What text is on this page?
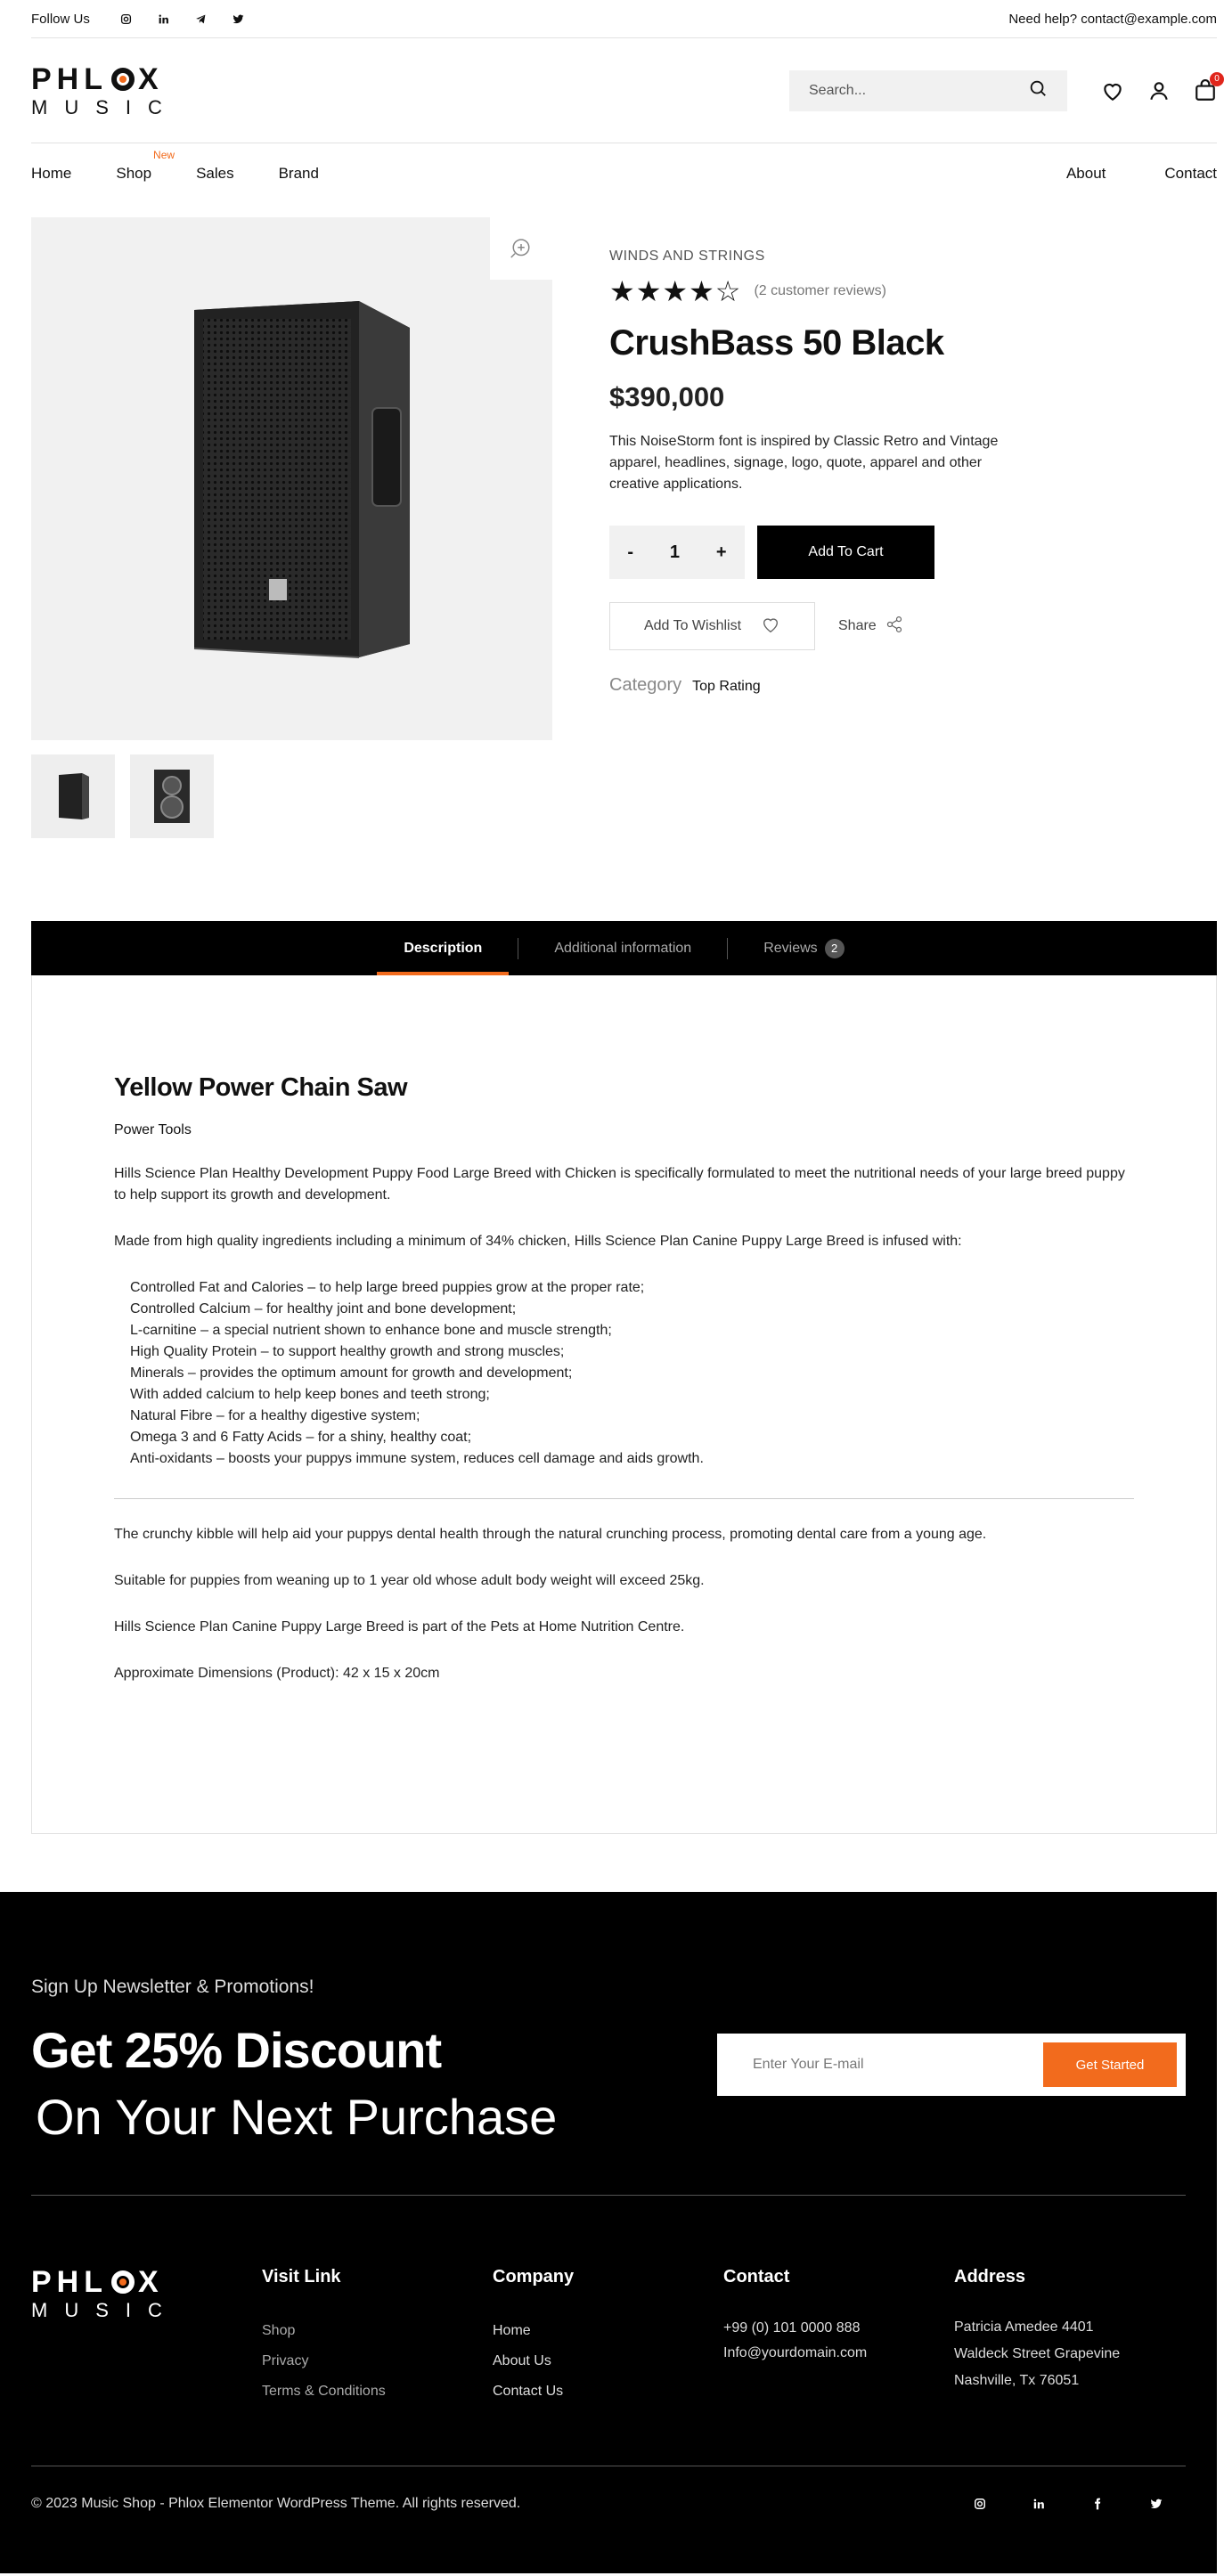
Follow Us	Need help? contact@example.com
PHL X
MUSIC
Search...
0
Home	Shop
New
Sales	Brand	About	Contact
WINDS AND STRINGS
★★★★☆ (2 customer reviews)
CrushBass 50 Black
$390,000
This NoiseStorm font is inspired by Classic Retro and Vintage apparel, headlines, signage, logo, quote, apparel and other creative applications.
- 1 +	Add To Cart
Add To Wishlist	Share
Category Top Rating
Description	Additional information	Reviews	2
Yellow Power Chain Saw
Power Tools

Hills Science Plan Healthy Development Puppy Food Large Breed with Chicken is specifically formulated to meet the nutritional needs of your large breed puppy to help support its growth and development.

Made from high quality ingredients including a minimum of 34% chicken, Hills Science Plan Canine Puppy Large Breed is infused with:

Controlled Fat and Calories – to help large breed puppies grow at the proper rate;
Controlled Calcium – for healthy joint and bone development;
L-carnitine – a special nutrient shown to enhance bone and muscle strength;
High Quality Protein – to support healthy growth and strong muscles;
Minerals – provides the optimum amount for growth and development;
With added calcium to help keep bones and teeth strong;
Natural Fibre – for a healthy digestive system;
Omega 3 and 6 Fatty Acids – for a shiny, healthy coat;
Anti-oxidants – boosts your puppys immune system, reduces cell damage and aids growth.

The crunchy kibble will help aid your puppys dental health through the natural crunching process, promoting dental care from a young age.

Suitable for puppies from weaning up to 1 year old whose adult body weight will exceed 25kg.

Hills Science Plan Canine Puppy Large Breed is part of the Pets at Home Nutrition Centre.

Approximate Dimensions (Product): 42 x 15 x 20cm

Sign Up Newsletter & Promotions!
Get 25% Discount
On Your Next Purchase
Enter Your E-mail	Get Started
PHL X
MUSIC
Visit Link
Shop
Privacy
Terms & Conditions
Company
Home
About Us
Contact Us
Contact
+99 (0) 101 0000 888
Info@yourdomain.com
Address
Patricia Amedee 4401 Waldeck Street Grapevine Nashville, Tx 76051
© 2023 Music Shop - Phlox Elementor WordPress Theme. All rights reserved.
